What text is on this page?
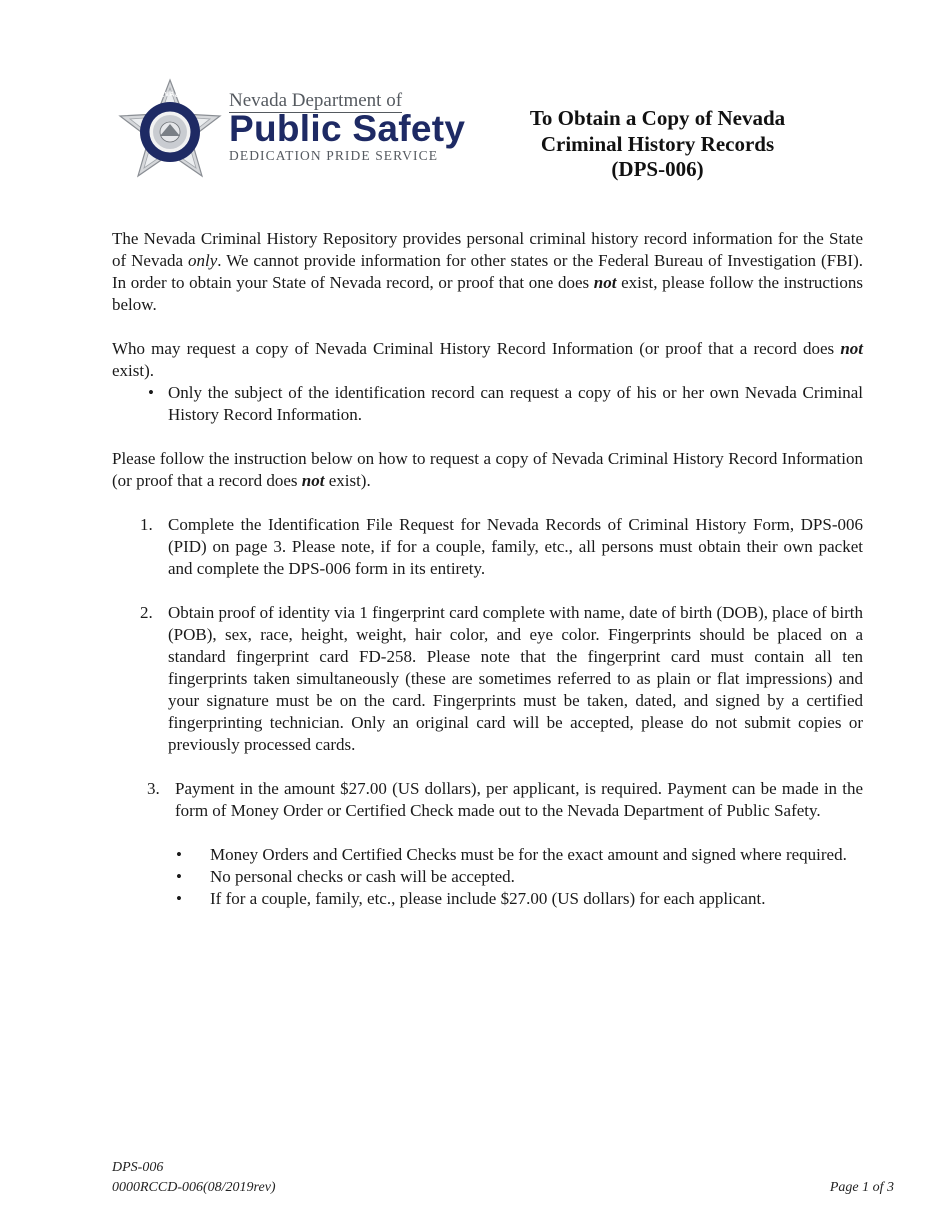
NEVADA Nevada Department of
Public Safety
DEDICATION PRIDE SERVICE
To Obtain a Copy of Nevada
Criminal History Records
(DPS-006)

The Nevada Criminal History Repository provides personal criminal history record information for the State of Nevada only. We cannot provide information for other states or the Federal Bureau of Investigation (FBI). In order to obtain your State of Nevada record, or proof that one does not exist, please follow the instructions below.

Who may request a copy of Nevada Criminal History Record Information (or proof that a record does not exist).

• Only the subject of the identification record can request a copy of his or her own Nevada Criminal History Record Information.

Please follow the instruction below on how to request a copy of Nevada Criminal History Record Information (or proof that a record does not exist).

1. Complete the Identification File Request for Nevada Records of Criminal History Form, DPS-006 (PID) on page 3. Please note, if for a couple, family, etc., all persons must obtain their own packet and complete the DPS-006 form in its entirety.

2. Obtain proof of identity via 1 fingerprint card complete with name, date of birth (DOB), place of birth (POB), sex, race, height, weight, hair color, and eye color. Fingerprints should be placed on a standard fingerprint card FD-258. Please note that the fingerprint card must contain all ten fingerprints taken simultaneously (these are sometimes referred to as plain or flat impressions) and your signature must be on the card. Fingerprints must be taken, dated, and signed by a certified fingerprinting technician. Only an original card will be accepted, please do not submit copies or previously processed cards.

3. Payment in the amount $27.00 (US dollars), per applicant, is required. Payment can be made in the form of Money Order or Certified Check made out to the Nevada Department of Public Safety.

• Money Orders and Certified Checks must be for the exact amount and signed where required.

• No personal checks or cash will be accepted.

• If for a couple, family, etc., please include $27.00 (US dollars) for each applicant.

DPS-006
0000RCCD-006(08/2019rev)	Page 1 of 3
